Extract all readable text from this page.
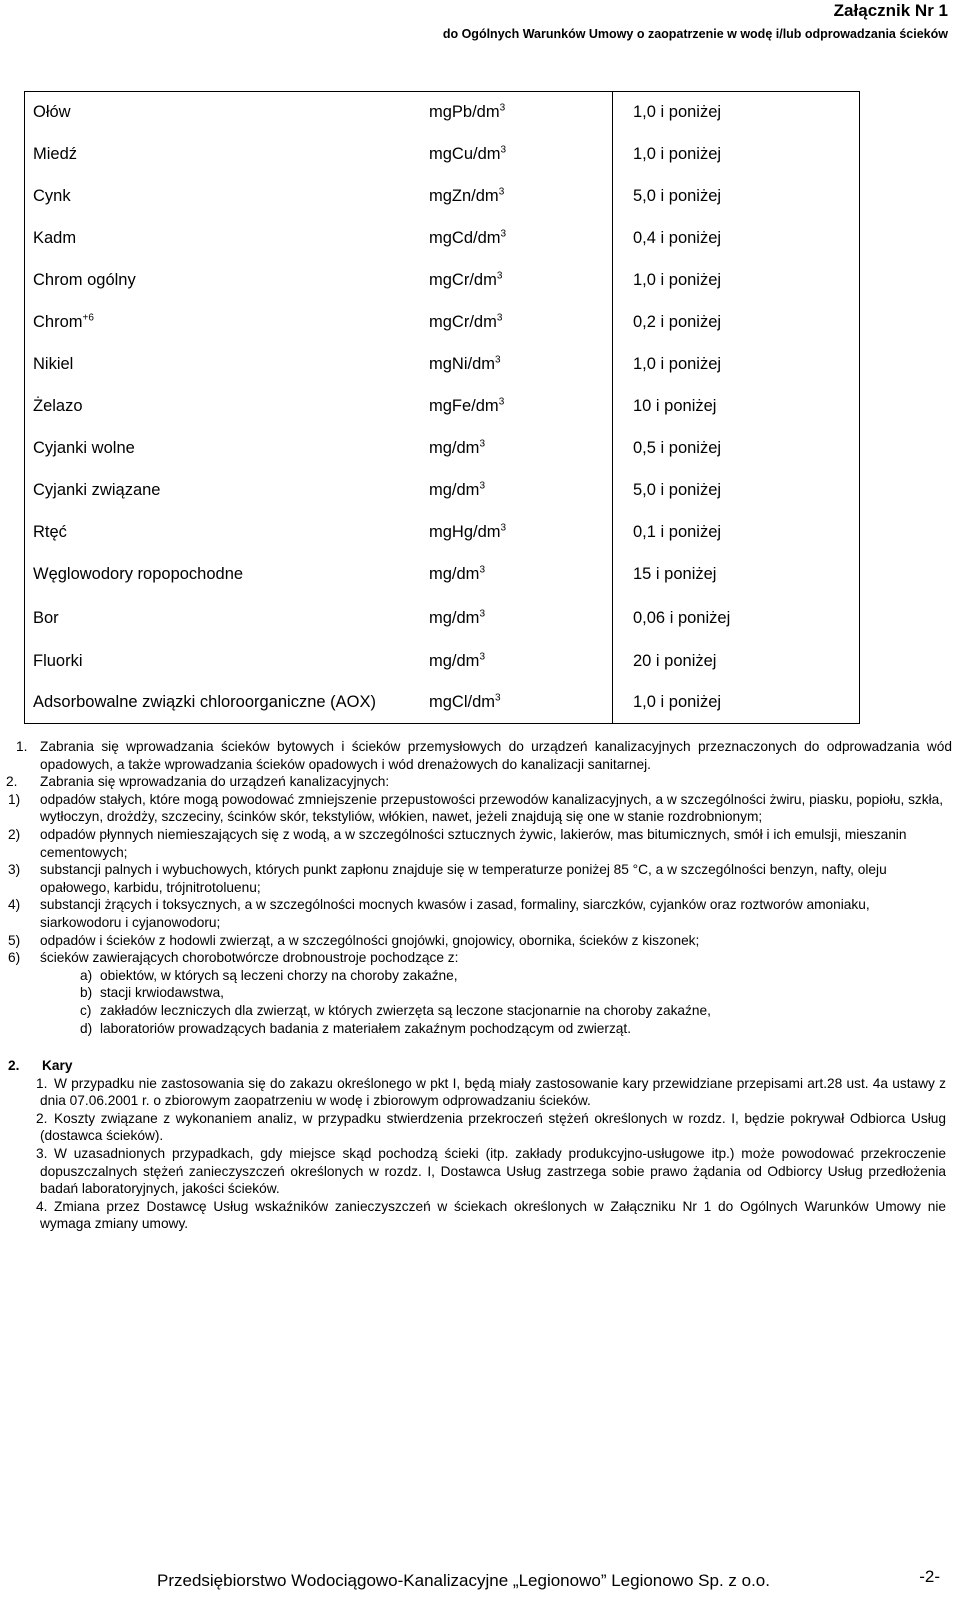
Załącznik Nr 1
do Ogólnych Warunków Umowy o zaopatrzenie w wodę i/lub odprowadzania ścieków
Ołów	mgPb/$dm^3$	1,0 i poniżej
Miedź	mgCu/$dm^3$	1,0 i poniżej
Cynk	mgZn/$dm^3$	5,0 i poniżej
Kadm	mgCd/$dm^3$	0,4 i poniżej
Chrom ogólny	mgCr/$dm^3$	1,0 i poniżej
Chrom$^{+6}$	mgCr/$dm^3$	0,2 i poniżej
Nikiel	mgNi/$dm^3$	1,0 i poniżej
Żelazo	mgFe/$dm^3$	10 i poniżej
Cyjanki wolne	$mg/dm^3$	0,5 i poniżej
Cyjanki związane	$mg/dm^3$	5,0 i poniżej
Rtęć	mgHg/$dm^3$	0,1 i poniżej
Węglowodory ropopochodne	$mg/dm^3$	15 i poniżej
Bor	$mg/dm^3$	0,06 i poniżej
Fluorki	$mg/dm^3$	20 i poniżej
Adsorbowalne związki chloroorganiczne (AOX)	mgCl/$dm^3$	1,0 i poniżej

1. Zabrania się wprowadzania ścieków bytowych i ścieków przemysłowych do urządzeń kanalizacyjnych przeznaczonych do odprowadzania wód opadowych, a także wprowadzania ścieków opadowych i wód drenażowych do kanalizacji sanitarnej.

2. Zabrania się wprowadzania do urządzeń kanalizacyjnych:

1) odpadów stałych, które mogą powodować zmniejszenie przepustowości przewodów kanalizacyjnych, a w szczególności żwiru, piasku, popiołu, szkła, wytłoczyn, drożdży, szczeciny, ścinków skór, tekstyliów, włókien, nawet, jeżeli znajdują się one w stanie rozdrobnionym;

2) odpadów płynnych niemieszających się z wodą, a w szczególności sztucznych żywic, lakierów, mas bitumicznych, smół i ich emulsji, mieszanin cementowych;

3) substancji palnych i wybuchowych, których punkt zapłonu znajduje się w temperaturze poniżej 85 °C, a w szczególności benzyn, nafty, oleju opałowego, karbidu, trójnitrotoluenu;

4) substancji żrących i toksycznych, a w szczególności mocnych kwasów i zasad, formaliny, siarczków, cyjanków oraz roztworów amoniaku, siarkowodoru i cyjanowodoru;

5) odpadów i ścieków z hodowli zwierząt, a w szczególności gnojówki, gnojowicy, obornika, ścieków z kiszonek;

6) ścieków zawierających chorobotwórcze drobnoustroje pochodzące z:

a) obiektów, w których są leczeni chorzy na choroby zakaźne,

b) stacji krwiodawstwa,

c) zakładów leczniczych dla zwierząt, w których zwierzęta są leczone stacjonarnie na choroby zakaźne,

d) laboratoriów prowadzących badania z materiałem zakaźnym pochodzącym od zwierząt.

2. Kary

1. W przypadku nie zastosowania się do zakazu określonego w pkt I, będą miały zastosowanie kary przewidziane przepisami art.28 ust. 4a ustawy z dnia 07.06.2001 r. o zbiorowym zaopatrzeniu w wodę i zbiorowym odprowadzaniu ścieków.

2. Koszty związane z wykonaniem analiz, w przypadku stwierdzenia przekroczeń stężeń określonych w rozdz. I, będzie pokrywał Odbiorca Usług (dostawca ścieków).

3. W uzasadnionych przypadkach, gdy miejsce skąd pochodzą ścieki (itp. zakłady produkcyjno-usługowe itp.) może powodować przekroczenie dopuszczalnych stężeń zanieczyszczeń określonych w rozdz. I, Dostawca Usług zastrzega sobie prawo żądania od Odbiorcy Usług przedłożenia badań laboratoryjnych, jakości ścieków.

4. Zmiana przez Dostawcę Usług wskaźników zanieczyszczeń w ściekach określonych w Załączniku Nr 1 do Ogólnych Warunków Umowy nie wymaga zmiany umowy.

Przedsiębiorstwo Wodociągowo-Kanalizacyjne „Legionowo” Legionowo Sp. z o.o.	-2-
